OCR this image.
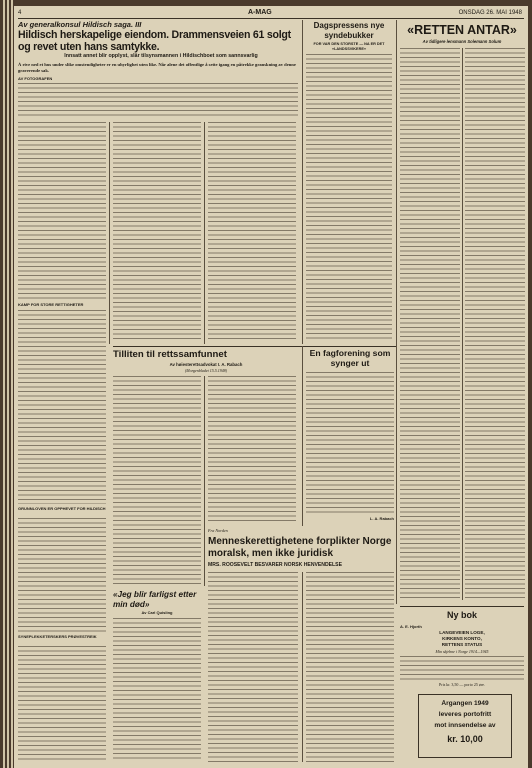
4	A-MAG	ONSDAG 26. MAI 1948

Av generalkonsul Hildisch saga. III

Hildisch herskapelige eiendom. Drammensveien 61 solgt og revet uten hans samtykke.

Innsatt annet blir opplyst, slår tilsynsmannen i Hildischboet som sannsvarlig

Å rive ned et hus under slike omstendigheter er en uhyrlighet uten like. Når alene det offentlige å sette igang en påtrekke granskning av denne graverende sak.

AV FOTOGRAFEN

KAMP FOR STORE RETTIGHETER

GRUNNLOVEN ER OPPHEVET FOR HILDISCH

SYNEPLEKKETERSKERS PRØVESTREIK

Dagspressens nye syndebukker

FOR VAR DEN STORSTE — NA ER DET «LANDSSVIKERE»

«RETTEN ANTAR»

Av tidligere lensmann Solemann Solum

Tilliten til rettssamfunnet

Av høiesterettsadvokat I. A. Rabach

(Morgenbladet 15.5.1948)

En fagforening som synger ut

L. A. Rabach

«Jeg blir farligst etter min død»

Av Carl Quisling

Fra Norden

Menneskerettighetene forplikter Norge moralsk, men ikke juridisk

MRS. ROOSEVELT BESVARER NORSK HENVENDELSE

Ny bok

A. E. Hjorth

LANGEVEIEN LOGE,

KIRKENS KONTO,

RETTENS STATUS

Min skjebne i Norge 1914—1945

Pris kr. 3,50 — porto 25 øre.

Årgangen 1949

leveres portofritt

mot innsendelse av

kr. 10,00
